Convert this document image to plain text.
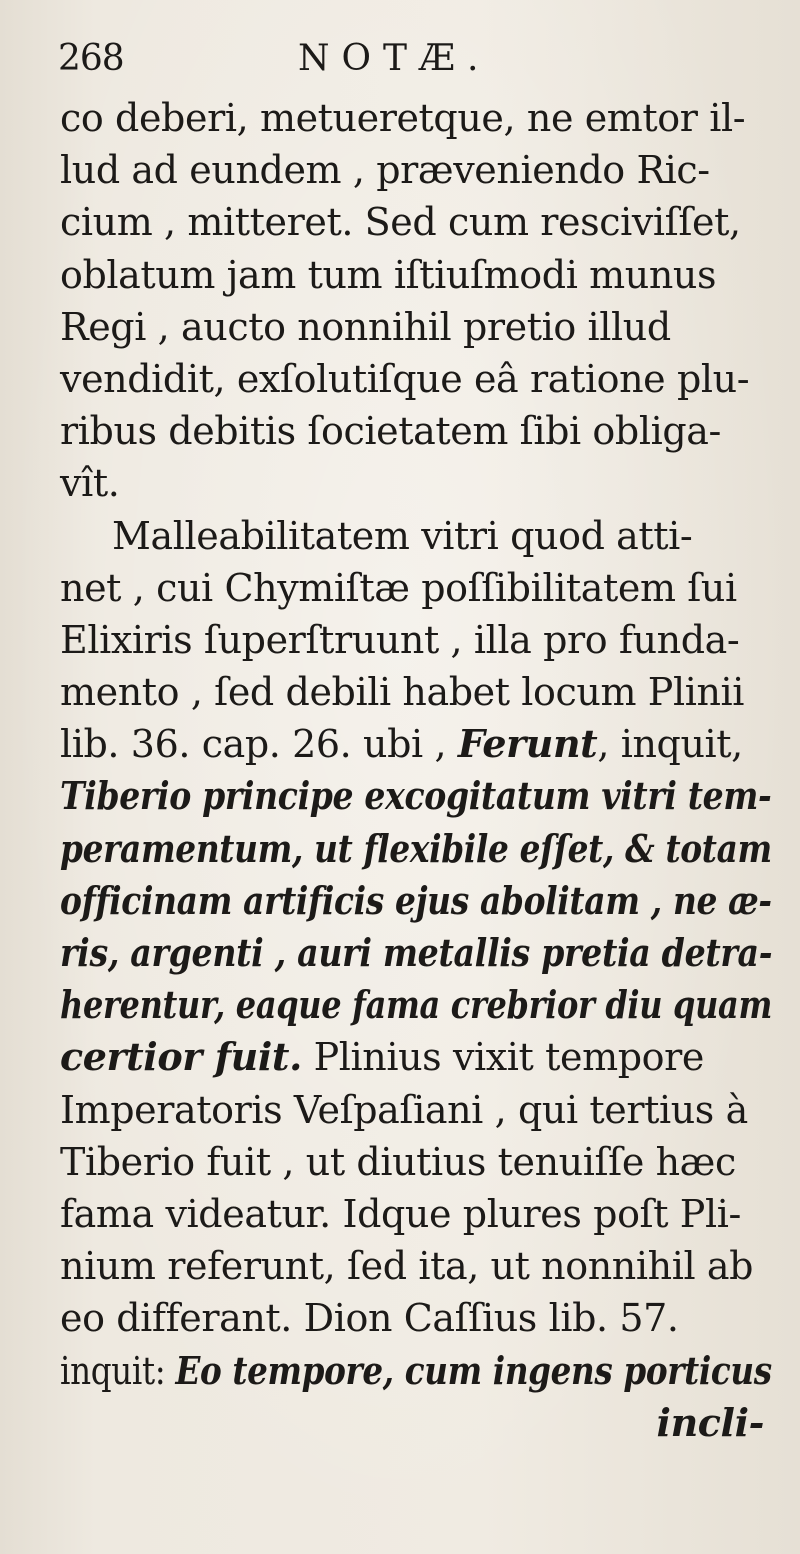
268	NOTÆ.
co deberi, metueretque, ne emtor il-
lud ad eundem , præveniendo Ric-
cium , mitteret. Sed cum resciviſſet,
oblatum jam tum iſtiuſmodi munus
Regi , aucto nonnihil pretio illud
vendidit, exſolutiſque eâ ratione plu-
ribus debitis ſocietatem ſibi obliga-
vît.
Malleabilitatem vitri quod atti-
net , cui Chymiſtæ poſſibilitatem ſui
Elixiris ſuperſtruunt , illa pro funda-
mento , ſed debili habet locum Plinii
lib. 36. cap. 26. ubi , Ferunt, inquit,
Tiberio principe excogitatum vitri tem-
peramentum, ut flexibile eſſet, & totam
officinam artificis ejus abolitam , ne æ-
ris, argenti , auri metallis pretia detra-
herentur, eaque fama crebrior diu quam
certior fuit. Plinius vixit tempore
Imperatoris Veſpaſiani , qui tertius à
Tiberio fuit , ut diutius tenuiſſe hæc
fama videatur. Idque plures poſt Pli-
nium referunt, ſed ita, ut nonnihil ab
eo differant. Dion Caſſius lib. 57.
inquit: Eo tempore, cum ingens porticus
incli-
